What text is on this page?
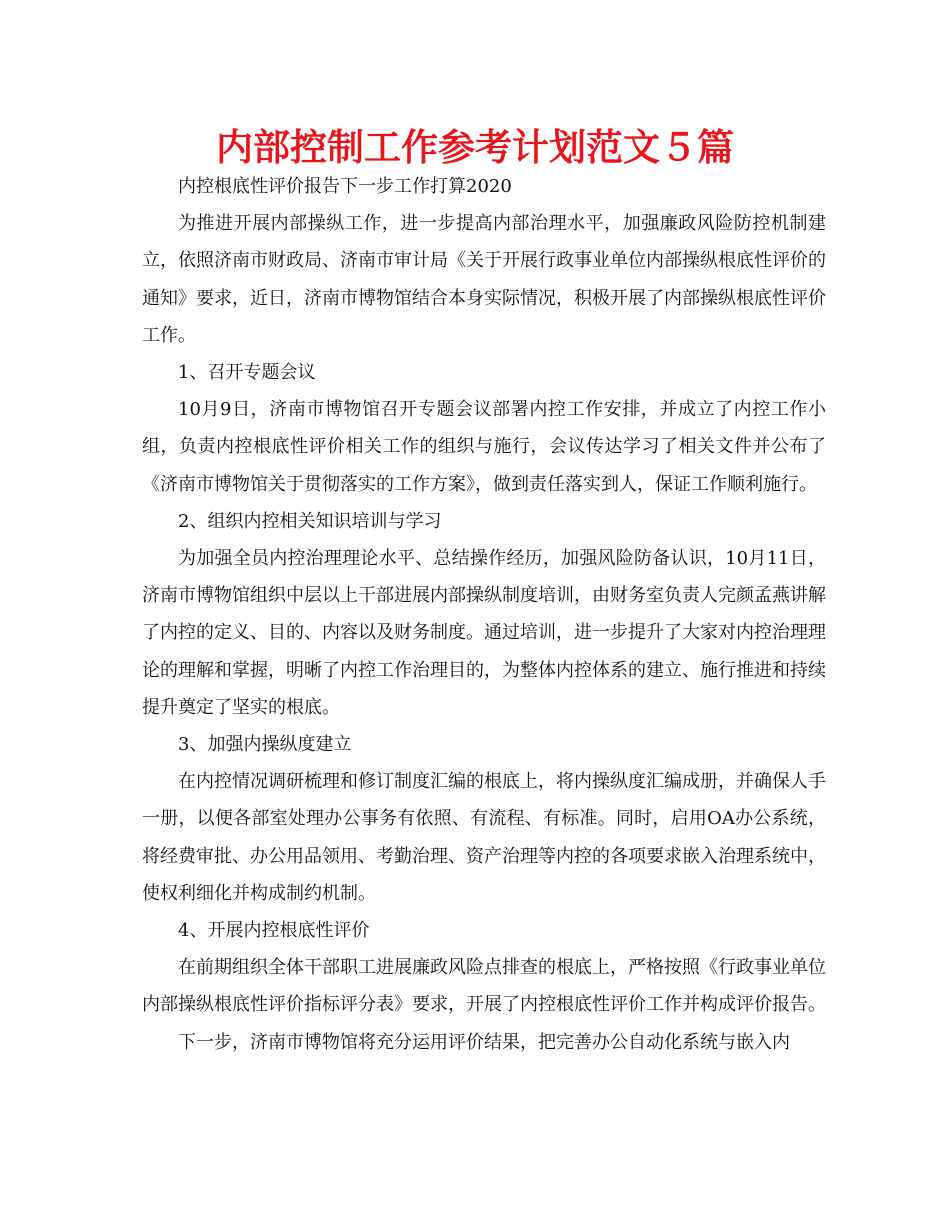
内部控制工作参考计划范文５篇

内控根底性评价报告下一步工作打算2020

为推进开展内部操纵工作，进一步提高内部治理水平，加强廉政风险防控机制建立，依照济南市财政局、济南市审计局《关于开展行政事业单位内部操纵根底性评价的通知》要求，近日，济南市博物馆结合本身实际情况，积极开展了内部操纵根底性评价工作。

1、召开专题会议

10月9日，济南市博物馆召开专题会议部署内控工作安排，并成立了内控工作小组，负责内控根底性评价相关工作的组织与施行，会议传达学习了相关文件并公布了《济南市博物馆关于贯彻落实的工作方案》，做到责任落实到人，保证工作顺利施行。

2、组织内控相关知识培训与学习

为加强全员内控治理理论水平、总结操作经历，加强风险防备认识，10月11日，济南市博物馆组织中层以上干部进展内部操纵制度培训，由财务室负责人完颜孟燕讲解了内控的定义、目的、内容以及财务制度。通过培训，进一步提升了大家对内控治理理论的理解和掌握，明晰了内控工作治理目的，为整体内控体系的建立、施行推进和持续提升奠定了坚实的根底。

3、加强内操纵度建立

在内控情况调研梳理和修订制度汇编的根底上，将内操纵度汇编成册，并确保人手一册，以便各部室处理办公事务有依照、有流程、有标准。同时，启用OA办公系统，将经费审批、办公用品领用、考勤治理、资产治理等内控的各项要求嵌入治理系统中，使权利细化并构成制约机制。

4、开展内控根底性评价

在前期组织全体干部职工进展廉政风险点排查的根底上，严格按照《行政事业单位内部操纵根底性评价指标评分表》要求，开展了内控根底性评价工作并构成评价报告。

下一步，济南市博物馆将充分运用评价结果，把完善办公自动化系统与嵌入内
